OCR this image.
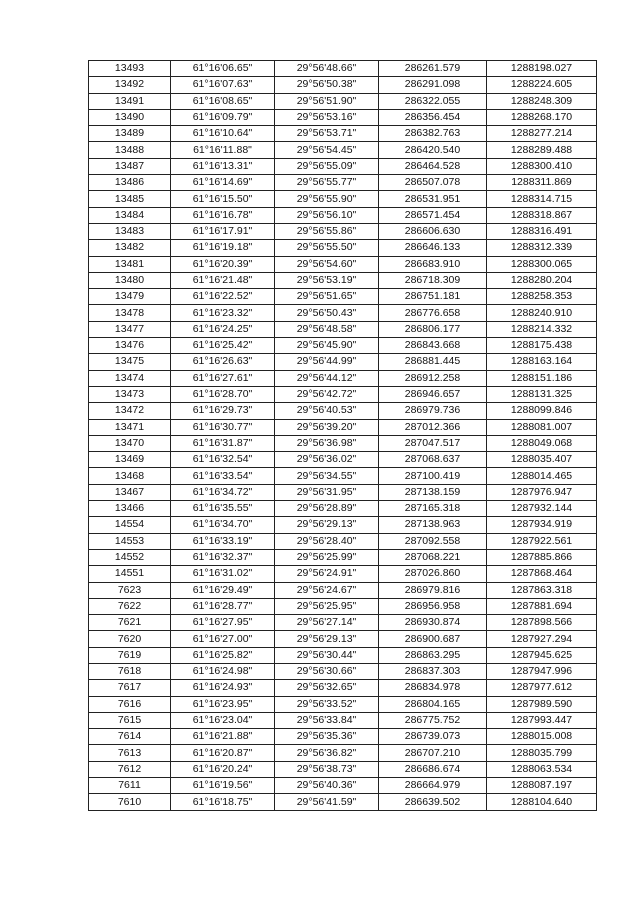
13493	61°16'06.65"	29°56'48.66"	286261.579	1288198.027
13492	61°16'07.63"	29°56'50.38"	286291.098	1288224.605
13491	61°16'08.65"	29°56'51.90"	286322.055	1288248.309
13490	61°16'09.79"	29°56'53.16"	286356.454	1288268.170
13489	61°16'10.64"	29°56'53.71"	286382.763	1288277.214
13488	61°16'11.88"	29°56'54.45"	286420.540	1288289.488
13487	61°16'13.31"	29°56'55.09"	286464.528	1288300.410
13486	61°16'14.69"	29°56'55.77"	286507.078	1288311.869
13485	61°16'15.50"	29°56'55.90"	286531.951	1288314.715
13484	61°16'16.78"	29°56'56.10"	286571.454	1288318.867
13483	61°16'17.91"	29°56'55.86"	286606.630	1288316.491
13482	61°16'19.18"	29°56'55.50"	286646.133	1288312.339
13481	61°16'20.39"	29°56'54.60"	286683.910	1288300.065
13480	61°16'21.48"	29°56'53.19"	286718.309	1288280.204
13479	61°16'22.52"	29°56'51.65"	286751.181	1288258.353
13478	61°16'23.32"	29°56'50.43"	286776.658	1288240.910
13477	61°16'24.25"	29°56'48.58"	286806.177	1288214.332
13476	61°16'25.42"	29°56'45.90"	286843.668	1288175.438
13475	61°16'26.63"	29°56'44.99"	286881.445	1288163.164
13474	61°16'27.61"	29°56'44.12"	286912.258	1288151.186
13473	61°16'28.70"	29°56'42.72"	286946.657	1288131.325
13472	61°16'29.73"	29°56'40.53"	286979.736	1288099.846
13471	61°16'30.77"	29°56'39.20"	287012.366	1288081.007
13470	61°16'31.87"	29°56'36.98"	287047.517	1288049.068
13469	61°16'32.54"	29°56'36.02"	287068.637	1288035.407
13468	61°16'33.54"	29°56'34.55"	287100.419	1288014.465
13467	61°16'34.72"	29°56'31.95"	287138.159	1287976.947
13466	61°16'35.55"	29°56'28.89"	287165.318	1287932.144
14554	61°16'34.70"	29°56'29.13"	287138.963	1287934.919
14553	61°16'33.19"	29°56'28.40"	287092.558	1287922.561
14552	61°16'32.37"	29°56'25.99"	287068.221	1287885.866
14551	61°16'31.02"	29°56'24.91"	287026.860	1287868.464
7623	61°16'29.49"	29°56'24.67"	286979.816	1287863.318
7622	61°16'28.77"	29°56'25.95"	286956.958	1287881.694
7621	61°16'27.95"	29°56'27.14"	286930.874	1287898.566
7620	61°16'27.00"	29°56'29.13"	286900.687	1287927.294
7619	61°16'25.82"	29°56'30.44"	286863.295	1287945.625
7618	61°16'24.98"	29°56'30.66"	286837.303	1287947.996
7617	61°16'24.93"	29°56'32.65"	286834.978	1287977.612
7616	61°16'23.95"	29°56'33.52"	286804.165	1287989.590
7615	61°16'23.04"	29°56'33.84"	286775.752	1287993.447
7614	61°16'21.88"	29°56'35.36"	286739.073	1288015.008
7613	61°16'20.87"	29°56'36.82"	286707.210	1288035.799
7612	61°16'20.24"	29°56'38.73"	286686.674	1288063.534
7611	61°16'19.56"	29°56'40.36"	286664.979	1288087.197
7610	61°16'18.75"	29°56'41.59"	286639.502	1288104.640
